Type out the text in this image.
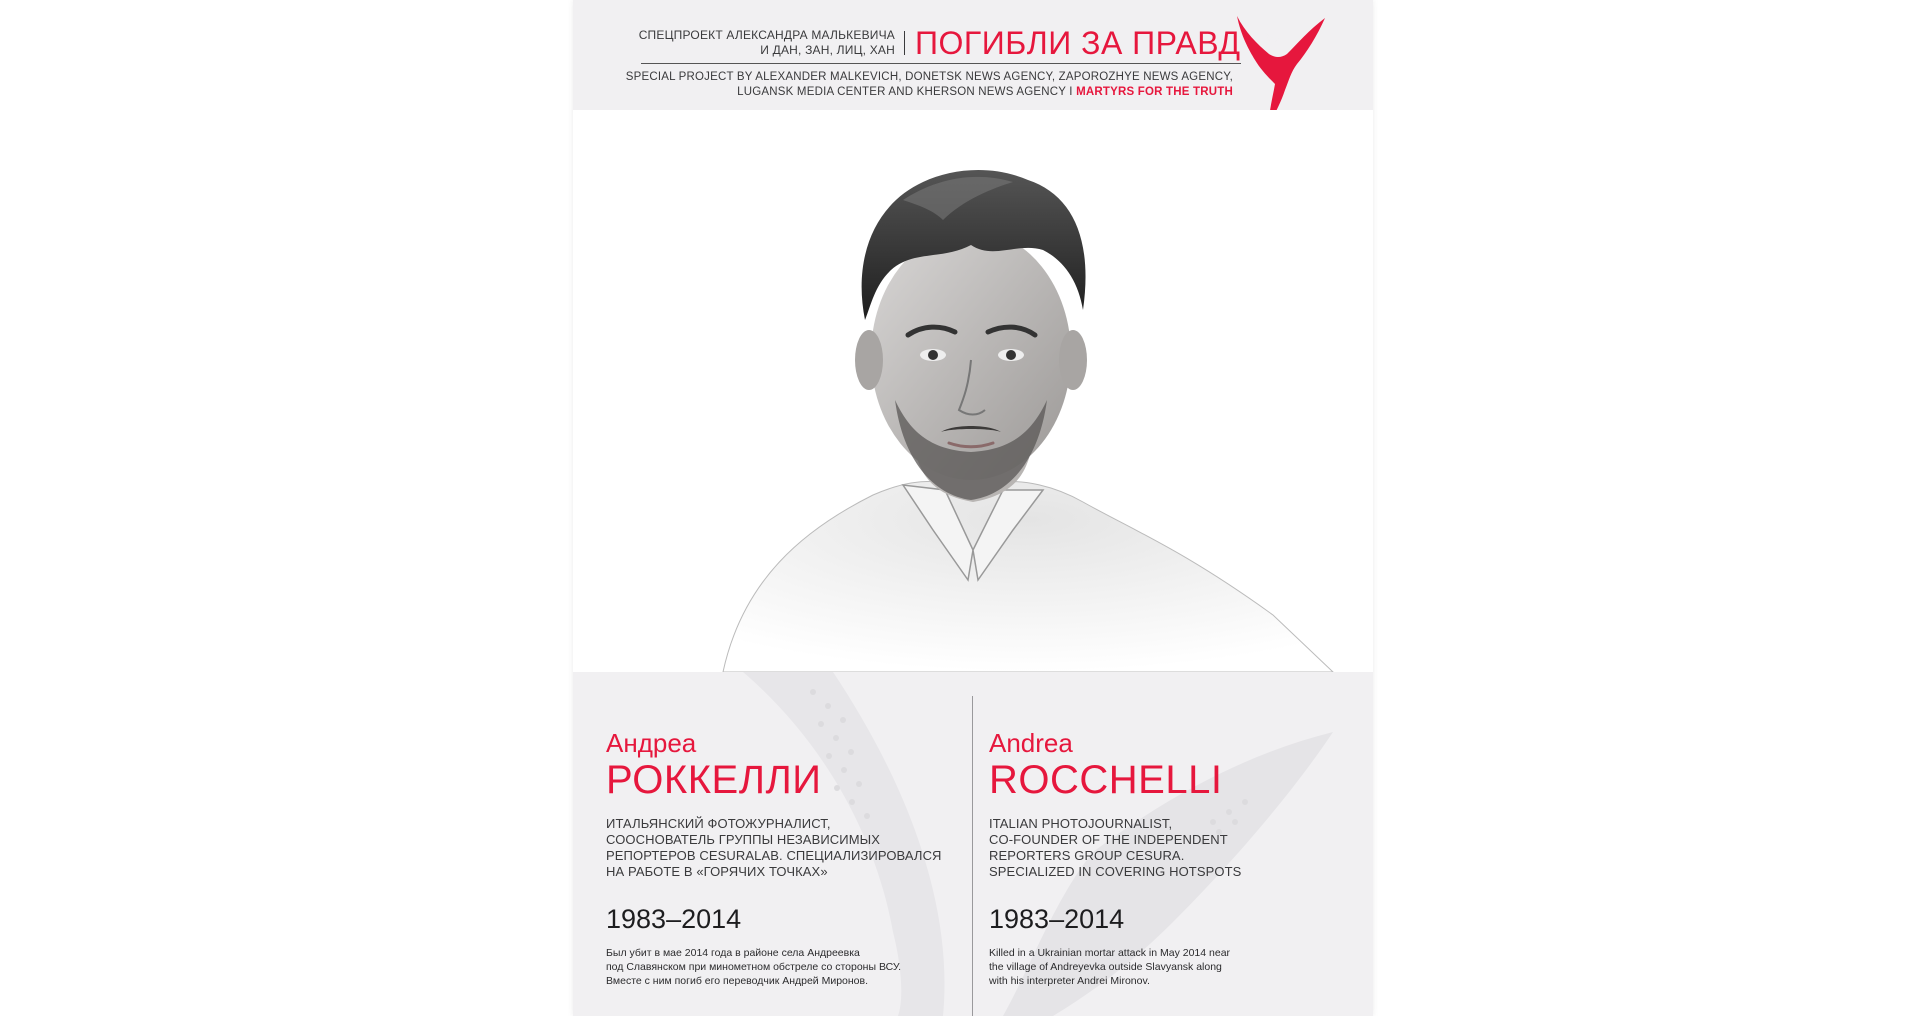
СПЕЦПРОЕКТ АЛЕКСАНДРА МАЛЬКЕВИЧА
И ДАН, ЗАН, ЛИЦ, ХАН ПОГИБЛИ ЗА ПРАВД
SPECIAL PROJECT BY ALEXANDER MALKEVICH, DONETSK NEWS AGENCY, ZAPOROZHYE NEWS AGENCY,
LUGANSK MEDIA CENTER AND KHERSON NEWS AGENCY I MARTYRS FOR THE TRUTH
Андреа
РОККЕЛЛИ
ИТАЛЬЯНСКИЙ ФОТОЖУРНАЛИСТ,
СООСНОВАТЕЛЬ ГРУППЫ НЕЗАВИСИМЫХ
РЕПОРТЕРОВ CESURALAB. СПЕЦИАЛИЗИРОВАЛСЯ
НА РАБОТЕ В «ГОРЯЧИХ ТОЧКАХ»
1983–2014
Был убит в мае 2014 года в районе села Андреевка
под Славянском при минометном обстреле со стороны ВСУ.
Вместе с ним погиб его переводчик Андрей Миронов.
Andrea
ROCCHELLI
ITALIAN PHOTOJOURNALIST,
CO-FOUNDER OF THE INDEPENDENT
REPORTERS GROUP CESURA.
SPECIALIZED IN COVERING HOTSPOTS
1983–2014
Killed in a Ukrainian mortar attack in May 2014 near
the village of Andreyevka outside Slavyansk along
with his interpreter Andrei Mironov.
